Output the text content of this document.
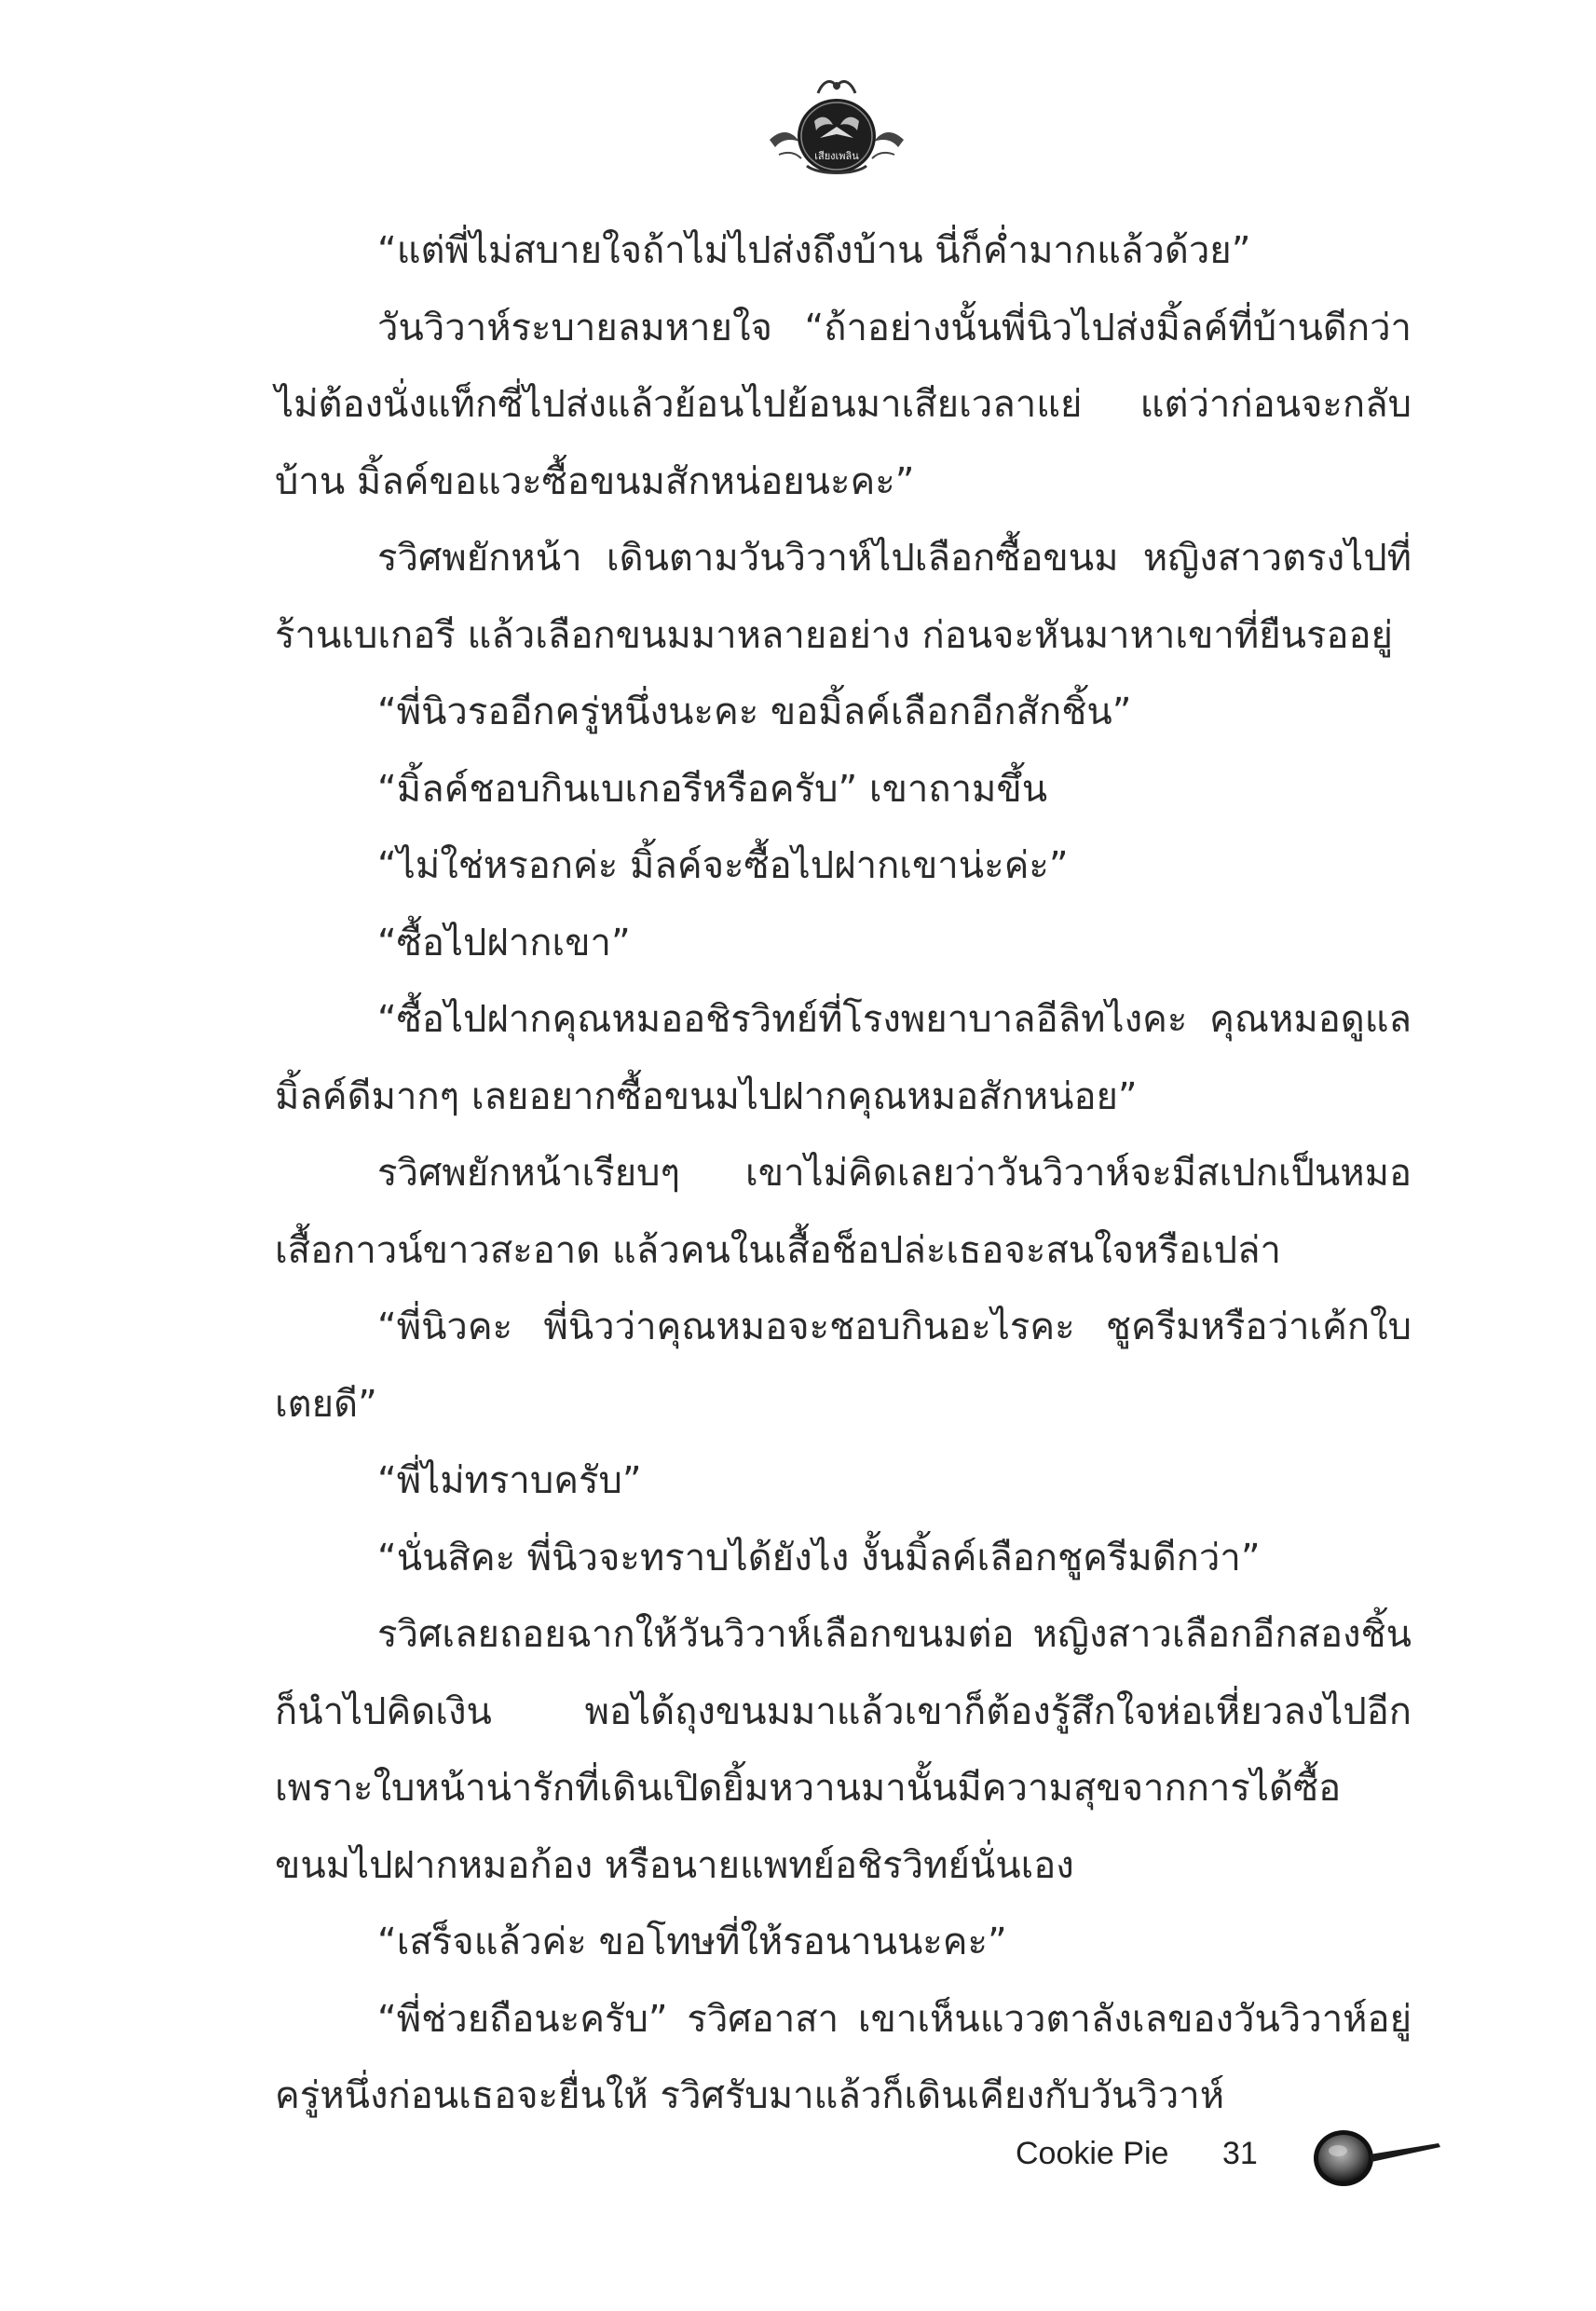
เสียงเพลิน

“แต่พี่ไม่สบายใจถ้าไม่ไปส่งถึงบ้าน นี่ก็ค่ำมากแล้วด้วย”

วันวิวาห์ระบายลมหายใจ “ถ้าอย่างนั้นพี่นิวไปส่งมิ้ลค์ที่บ้านดีกว่า ไม่ต้องนั่งแท็กซี่ไปส่งแล้วย้อนไปย้อนมาเสียเวลาแย่ แต่ว่าก่อนจะกลับบ้าน มิ้ลค์ขอแวะซื้อขนมสักหน่อยนะคะ”

รวิศพยักหน้า เดินตามวันวิวาห์ไปเลือกซื้อขนม หญิงสาวตรงไปที่ร้านเบเกอรี แล้วเลือกขนมมาหลายอย่าง ก่อนจะหันมาหาเขาที่ยืนรออยู่

“พี่นิวรออีกครู่หนึ่งนะคะ ขอมิ้ลค์เลือกอีกสักชิ้น”

“มิ้ลค์ชอบกินเบเกอรีหรือครับ” เขาถามขึ้น

“ไม่ใช่หรอกค่ะ มิ้ลค์จะซื้อไปฝากเขาน่ะค่ะ”

“ซื้อไปฝากเขา”

“ซื้อไปฝากคุณหมออชิรวิทย์ที่โรงพยาบาลอีลิทไงคะ คุณหมอดูแลมิ้ลค์ดีมากๆ เลยอยากซื้อขนมไปฝากคุณหมอสักหน่อย”

รวิศพยักหน้าเรียบๆ เขาไม่คิดเลยว่าวันวิวาห์จะมีสเปกเป็นหมอเสื้อกาวน์ขาวสะอาด แล้วคนในเสื้อช็อปล่ะเธอจะสนใจหรือเปล่า

“พี่นิวคะ พี่นิวว่าคุณหมอจะชอบกินอะไรคะ ชูครีมหรือว่าเค้กใบเตยดี”

“พี่ไม่ทราบครับ”

“นั่นสิคะ พี่นิวจะทราบได้ยังไง งั้นมิ้ลค์เลือกชูครีมดีกว่า”

รวิศเลยถอยฉากให้วันวิวาห์เลือกขนมต่อ หญิงสาวเลือกอีกสองชิ้นก็นำไปคิดเงิน พอได้ถุงขนมมาแล้วเขาก็ต้องรู้สึกใจห่อเหี่ยวลงไปอีก เพราะใบหน้าน่ารักที่เดินเปิดยิ้มหวานมานั้นมีความสุขจากการได้ซื้อขนมไปฝากหมอก้อง หรือนายแพทย์อชิรวิทย์นั่นเอง

“เสร็จแล้วค่ะ ขอโทษที่ให้รอนานนะคะ”

“พี่ช่วยถือนะครับ” รวิศอาสา เขาเห็นแววตาลังเลของวันวิวาห์อยู่ครู่หนึ่งก่อนเธอจะยื่นให้ รวิศรับมาแล้วก็เดินเคียงกับวันวิวาห์

Cookie Pie 31
